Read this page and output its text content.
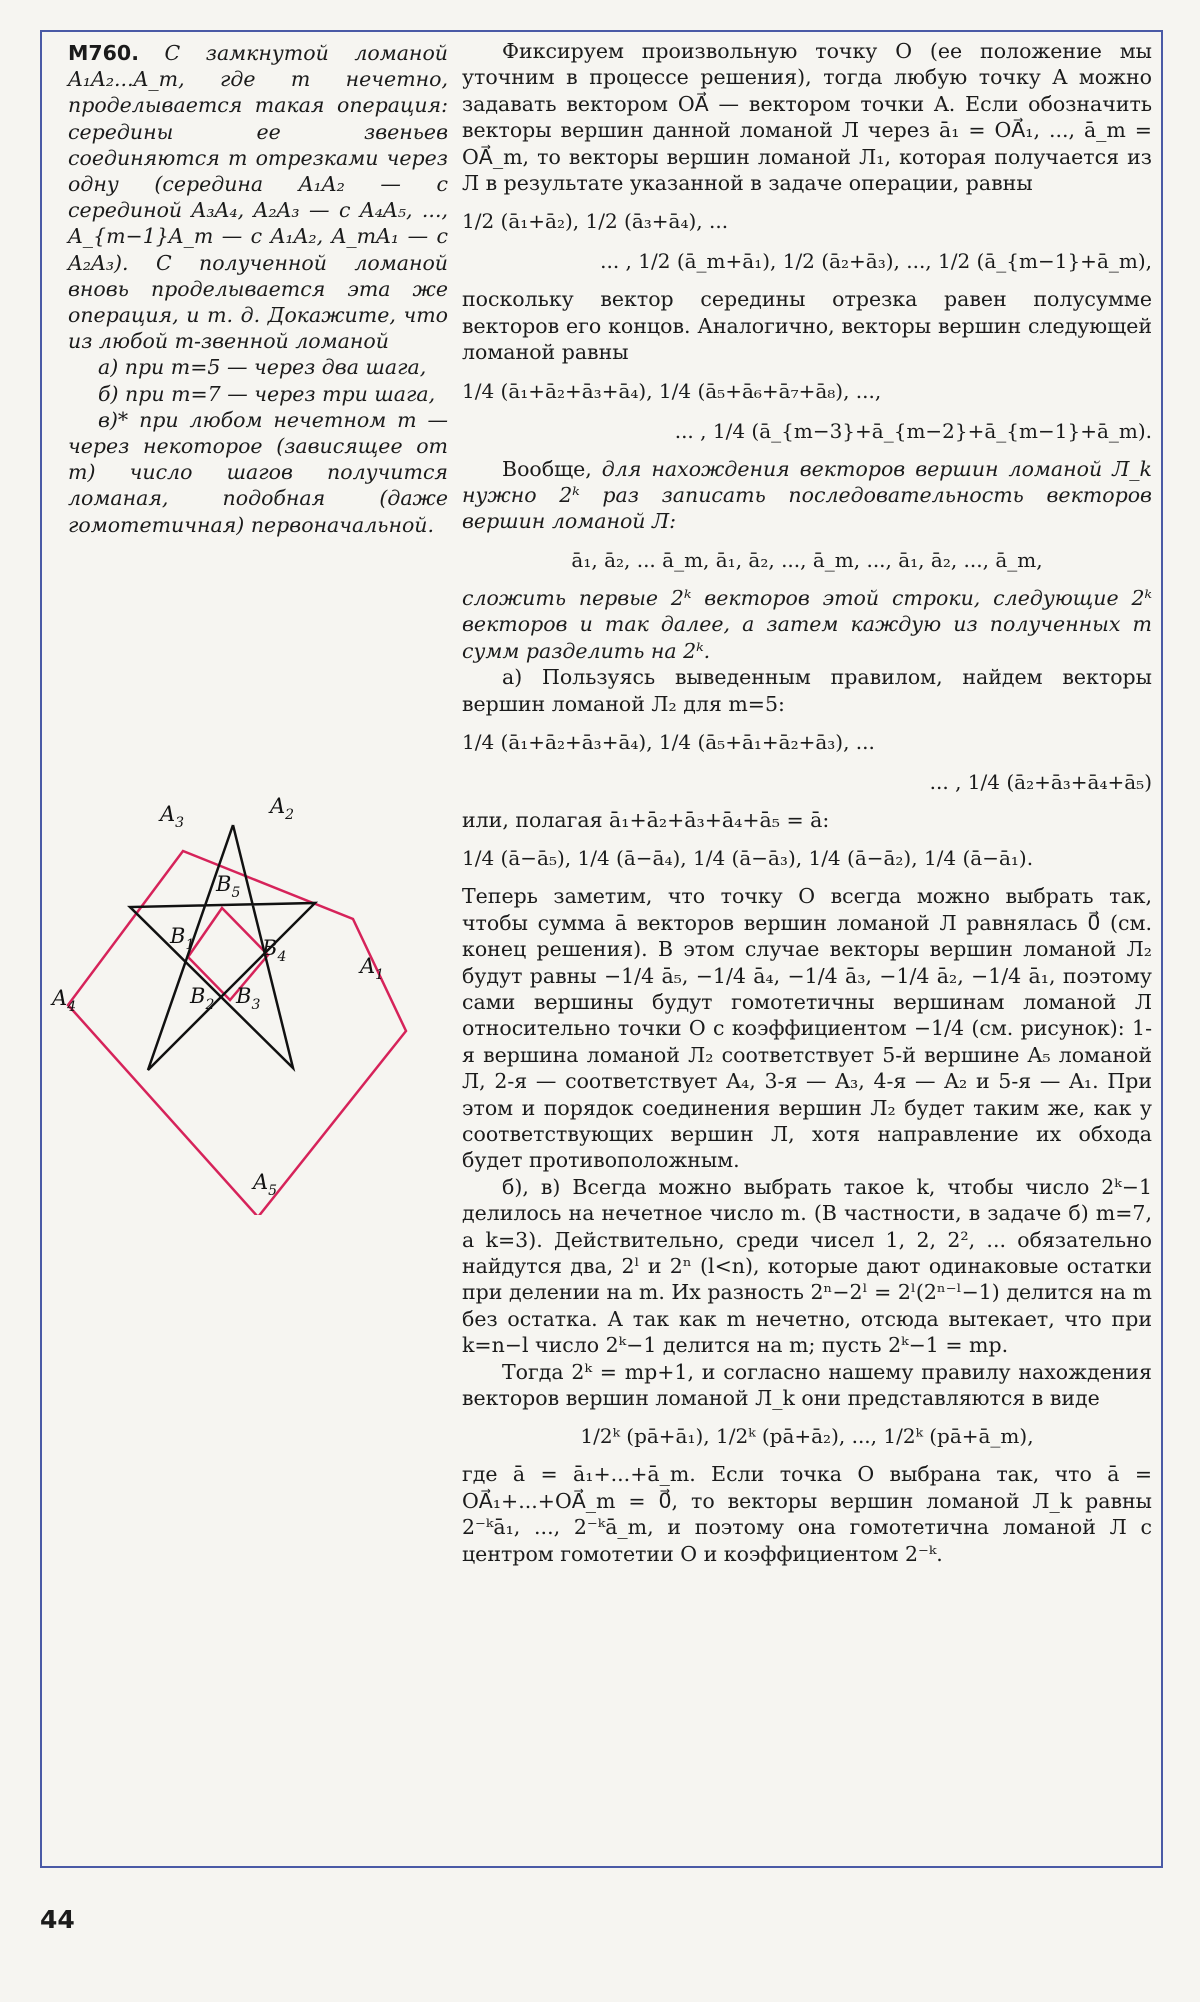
M760. С замкнутой ломаной A₁A₂...A_m, где m нечетно, проделывается такая операция: середины ее звеньев соединяются m отрезками через одну (середина A₁A₂ — с серединой A₃A₄, A₂A₃ — с A₄A₅, ..., A_{m−1}A_m — с A₁A₂, A_mA₁ — с A₂A₃). С полученной ломаной вновь проделывается эта же операция, и т. д. Докажите, что из любой m-звенной ломаной

а) при m=5 — через два шага,

б) при m=7 — через три шага,

в)* при любом нечетном m — через некоторое (зависящее от m) число шагов получится ломаная, подобная (даже гомотетичная) первоначальной.

$A_3$
$A_2$
$A_1$
$A_4$
$A_5$
$B_5$
$B_1$	$B_4$
$B_2$ $B_3$

Фиксируем произвольную точку O (ее положение мы уточним в процессе решения), тогда любую точку A можно задавать вектором OA⃗ — вектором точки A. Если обозначить векторы вершин данной ломаной Л через ā₁ = OA⃗₁, ..., ā_m = OA⃗_m, то векторы вершин ломаной Л₁, которая получается из Л в результате указанной в задаче операции, равны

1/2 (ā₁+ā₂), 1/2 (ā₃+ā₄), ...
... , 1/2 (ā_m+ā₁), 1/2 (ā₂+ā₃), ..., 1/2 (ā_{m−1}+ā_m),

поскольку вектор середины отрезка равен полусумме векторов его концов. Аналогично, векторы вершин следующей ломаной равны

1/4 (ā₁+ā₂+ā₃+ā₄), 1/4 (ā₅+ā₆+ā₇+ā₈), ...,
... , 1/4 (ā_{m−3}+ā_{m−2}+ā_{m−1}+ā_m).

Вообще, для нахождения векторов вершин ломаной Л_k нужно 2ᵏ раз записать последовательность векторов вершин ломаной Л:

ā₁, ā₂, ... ā_m, ā₁, ā₂, ..., ā_m, ..., ā₁, ā₂, ..., ā_m,

сложить первые 2ᵏ векторов этой строки, следующие 2ᵏ векторов и так далее, а затем каждую из полученных m сумм разделить на 2ᵏ.

а) Пользуясь выведенным правилом, найдем векторы вершин ломаной Л₂ для m=5:

1/4 (ā₁+ā₂+ā₃+ā₄), 1/4 (ā₅+ā₁+ā₂+ā₃), ...
... , 1/4 (ā₂+ā₃+ā₄+ā₅)

или, полагая ā₁+ā₂+ā₃+ā₄+ā₅ = ā:

1/4 (ā−ā₅), 1/4 (ā−ā₄), 1/4 (ā−ā₃), 1/4 (ā−ā₂), 1/4 (ā−ā₁).

Теперь заметим, что точку O всегда можно выбрать так, чтобы сумма ā векторов вершин ломаной Л равнялась 0⃗ (см. конец решения). В этом случае векторы вершин ломаной Л₂ будут равны −1/4 ā₅, −1/4 ā₄, −1/4 ā₃, −1/4 ā₂, −1/4 ā₁, поэтому сами вершины будут гомотетичны вершинам ломаной Л относительно точки O с коэффициентом −1/4 (см. рисунок): 1-я вершина ломаной Л₂ соответствует 5-й вершине A₅ ломаной Л, 2-я — соответствует A₄, 3-я — A₃, 4-я — A₂ и 5-я — A₁. При этом и порядок соединения вершин Л₂ будет таким же, как у соответствующих вершин Л, хотя направление их обхода будет противоположным.

б), в) Всегда можно выбрать такое k, чтобы число 2ᵏ−1 делилось на нечетное число m. (В частности, в задаче б) m=7, а k=3). Действительно, среди чисел 1, 2, 2², ... обязательно найдутся два, 2ˡ и 2ⁿ (l<n), которые дают одинаковые остатки при делении на m. Их разность 2ⁿ−2ˡ = 2ˡ(2ⁿ⁻ˡ−1) делится на m без остатка. А так как m нечетно, отсюда вытекает, что при k=n−l число 2ᵏ−1 делится на m; пусть 2ᵏ−1 = mp.

Тогда 2ᵏ = mp+1, и согласно нашему правилу нахождения векторов вершин ломаной Л_k они представляются в виде

1/2ᵏ (pā+ā₁), 1/2ᵏ (pā+ā₂), ..., 1/2ᵏ (pā+ā_m),

где ā = ā₁+...+ā_m. Если точка O выбрана так, что ā = OA⃗₁+...+OA⃗_m = 0⃗, то векторы вершин ломаной Л_k равны 2⁻ᵏā₁, ..., 2⁻ᵏā_m, и поэтому она гомотетична ломаной Л с центром гомотетии O и коэффициентом 2⁻ᵏ.

44
